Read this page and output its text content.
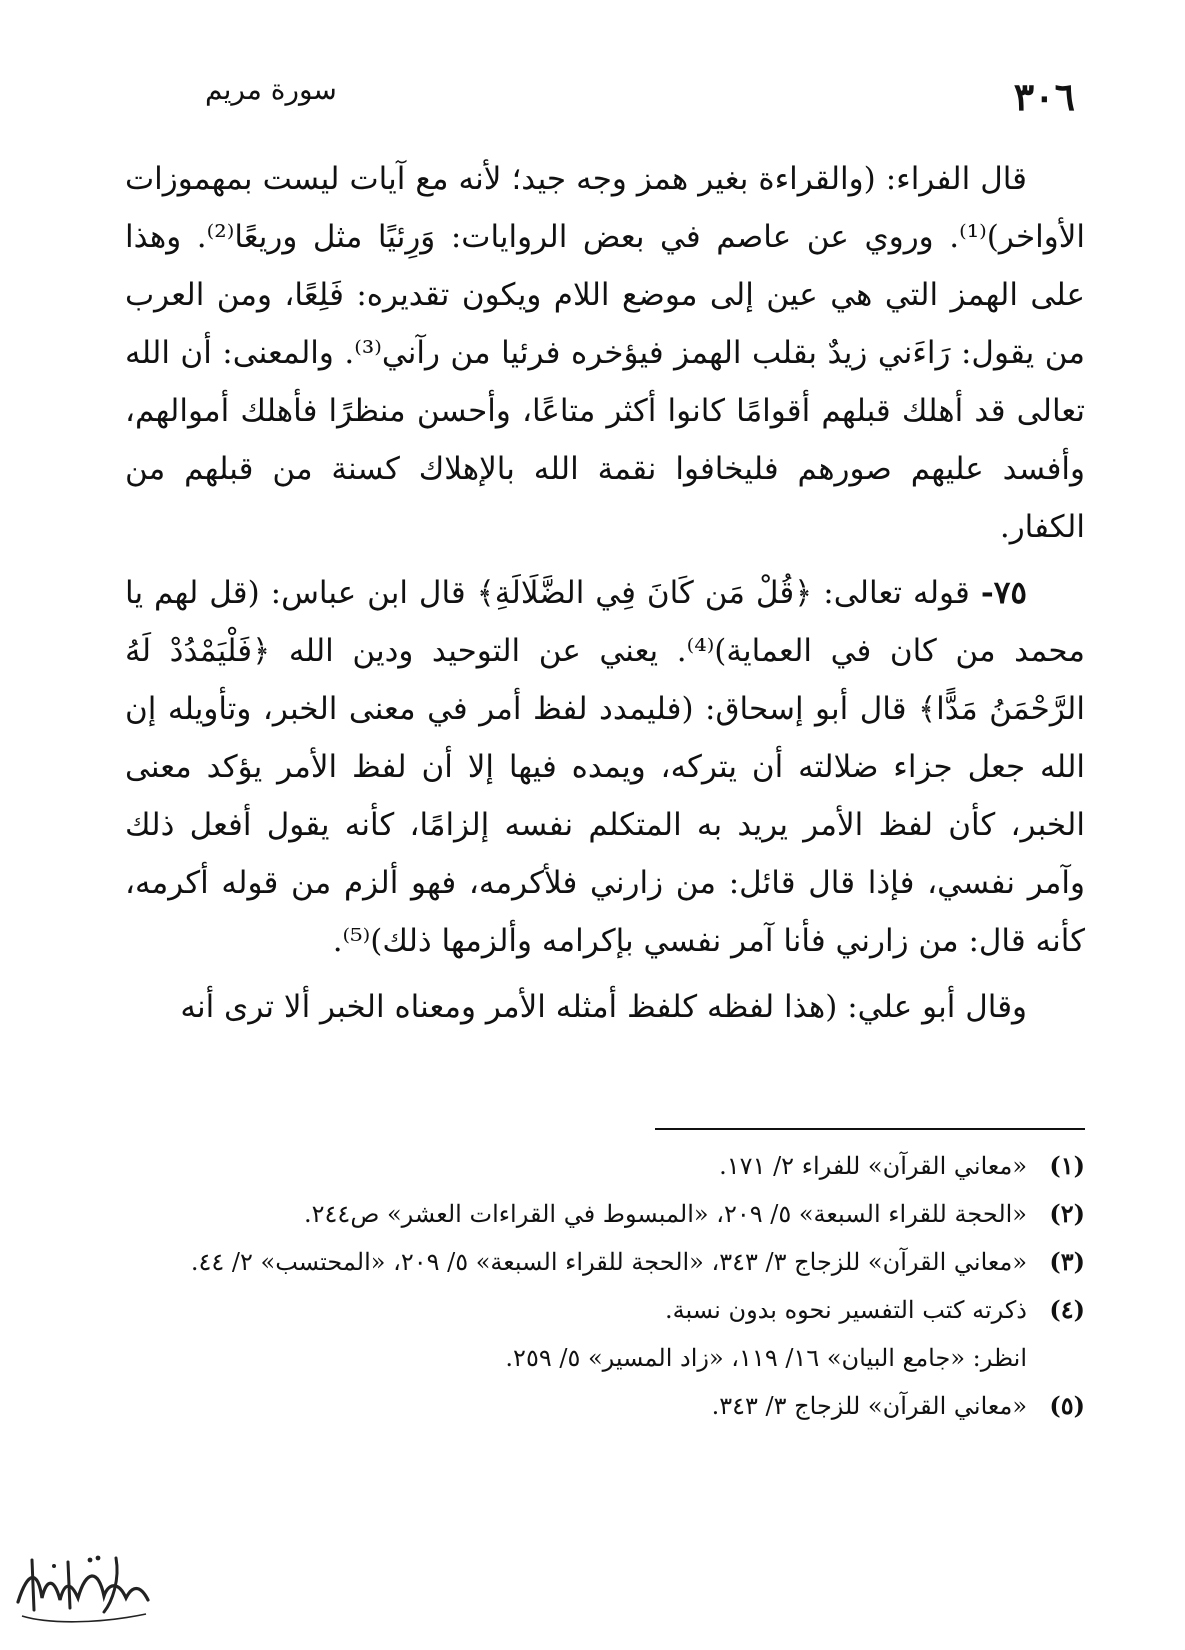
٣٠٦
سورة مريم

قال الفراء: (والقراءة بغير همز وجه جيد؛ لأنه مع آيات ليست بمهموزات الأواخر)⁽¹⁾. وروي عن عاصم في بعض الروايات: وَرِئيًا مثل وريعًا⁽²⁾. وهذا على الهمز التي هي عين إلى موضع اللام ويكون تقديره: فَلِعًا، ومن العرب من يقول: رَاءَني زيدٌ بقلب الهمز فيؤخره فرئيا من رآني⁽³⁾. والمعنى: أن الله تعالى قد أهلك قبلهم أقوامًا كانوا أكثر متاعًا، وأحسن منظرًا فأهلك أموالهم، وأفسد عليهم صورهم فليخافوا نقمة الله بالإهلاك كسنة من قبلهم من الكفار.

٧٥- قوله تعالى: ﴿قُلْ مَن كَانَ فِي الضَّلَالَةِ﴾ قال ابن عباس: (قل لهم يا محمد من كان في العماية)⁽⁴⁾. يعني عن التوحيد ودين الله ﴿فَلْيَمْدُدْ لَهُ الرَّحْمَنُ مَدًّا﴾ قال أبو إسحاق: (فليمدد لفظ أمر في معنى الخبر، وتأويله إن الله جعل جزاء ضلالته أن يتركه، ويمده فيها إلا أن لفظ الأمر يؤكد معنى الخبر، كأن لفظ الأمر يريد به المتكلم نفسه إلزامًا، كأنه يقول أفعل ذلك وآمر نفسي، فإذا قال قائل: من زارني فلأكرمه، فهو ألزم من قوله أكرمه، كأنه قال: من زارني فأنا آمر نفسي بإكرامه وألزمها ذلك)⁽⁵⁾.

وقال أبو علي: (هذا لفظه كلفظ أمثله الأمر ومعناه الخبر ألا ترى أنه

(١)
«معاني القرآن» للفراء ٢/ ١٧١.
(٢)
«الحجة للقراء السبعة» ٥/ ٢٠٩، «المبسوط في القراءات العشر» ص٢٤٤.
(٣)
«معاني القرآن» للزجاج ٣/ ٣٤٣، «الحجة للقراء السبعة» ٥/ ٢٠٩، «المحتسب» ٢/ ٤٤.
(٤)
ذكرته كتب التفسير نحوه بدون نسبة.
انظر: «جامع البيان» ١٦/ ١١٩، «زاد المسير» ٥/ ٢٥٩.
(٥)
«معاني القرآن» للزجاج ٣/ ٣٤٣.
